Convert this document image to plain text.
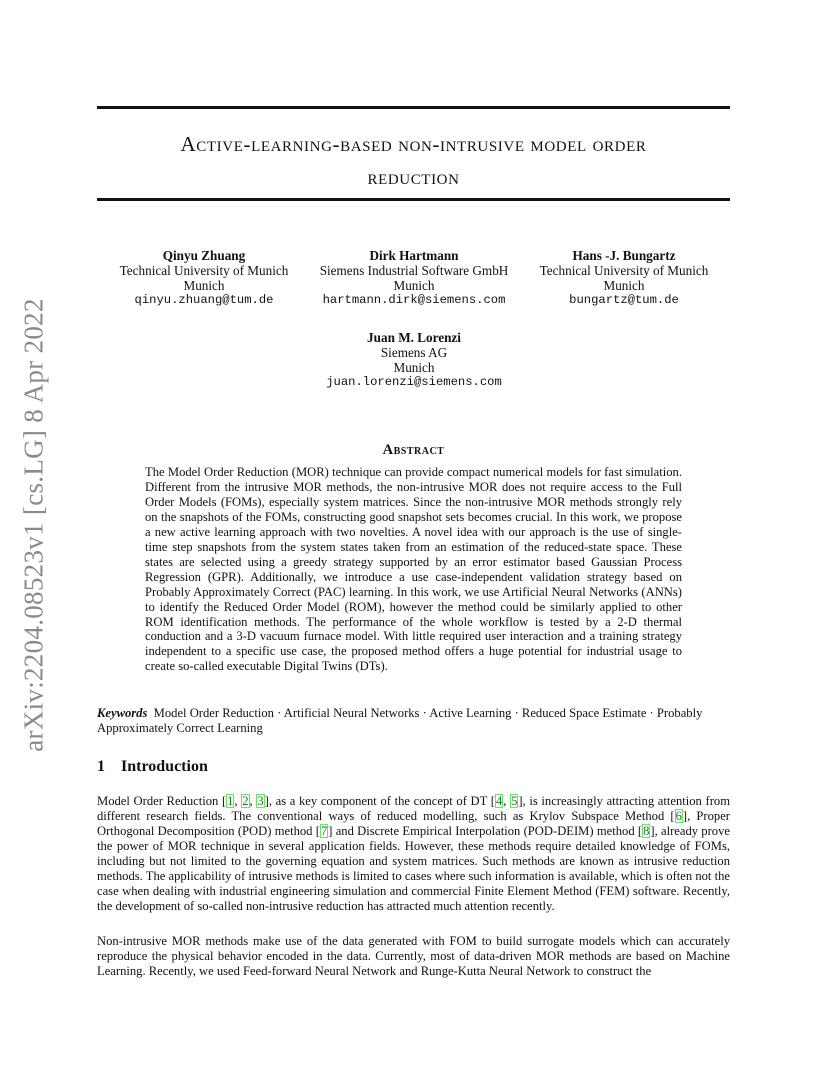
arXiv:2204.08523v1 [cs.LG] 8 Apr 2022
Active-learning-based non-intrusive model order
reduction
Qinyu Zhuang
Technical University of Munich
Munich
qinyu.zhuang@tum.de
Dirk Hartmann
Siemens Industrial Software GmbH
Munich
hartmann.dirk@siemens.com
Hans -J. Bungartz
Technical University of Munich
Munich
bungartz@tum.de
Juan M. Lorenzi
Siemens AG
Munich
juan.lorenzi@siemens.com
Abstract
The Model Order Reduction (MOR) technique can provide compact numerical models for fast simulation. Different from the intrusive MOR methods, the non-intrusive MOR does not require access to the Full Order Models (FOMs), especially system matrices. Since the non-intrusive MOR methods strongly rely on the snapshots of the FOMs, constructing good snapshot sets becomes crucial. In this work, we propose a new active learning approach with two novelties. A novel idea with our approach is the use of single-time step snapshots from the system states taken from an estimation of the reduced-state space. These states are selected using a greedy strategy supported by an error estimator based Gaussian Process Regression (GPR). Additionally, we introduce a use case-independent validation strategy based on Probably Approximately Correct (PAC) learning. In this work, we use Artificial Neural Networks (ANNs) to identify the Reduced Order Model (ROM), however the method could be similarly applied to other ROM identification methods. The performance of the whole workflow is tested by a 2-D thermal conduction and a 3-D vacuum furnace model. With little required user interaction and a training strategy independent to a specific use case, the proposed method offers a huge potential for industrial usage to create so-called executable Digital Twins (DTs).
Keywords Model Order Reduction · Artificial Neural Networks · Active Learning · Reduced Space Estimate · Probably Approximately Correct Learning
1 Introduction
Model Order Reduction [1, 2, 3], as a key component of the concept of DT [4, 5], is increasingly attracting attention from different research fields. The conventional ways of reduced modelling, such as Krylov Subspace Method [6], Proper Orthogonal Decomposition (POD) method [7] and Discrete Empirical Interpolation (POD-DEIM) method [8], already prove the power of MOR technique in several application fields. However, these methods require detailed knowledge of FOMs, including but not limited to the governing equation and system matrices. Such methods are known as intrusive reduction methods. The applicability of intrusive methods is limited to cases where such information is available, which is often not the case when dealing with industrial engineering simulation and commercial Finite Element Method (FEM) software. Recently, the development of so-called non-intrusive reduction has attracted much attention recently.
Non-intrusive MOR methods make use of the data generated with FOM to build surrogate models which can accurately reproduce the physical behavior encoded in the data. Currently, most of data-driven MOR methods are based on Machine Learning. Recently, we used Feed-forward Neural Network and Runge-Kutta Neural Network to construct the
